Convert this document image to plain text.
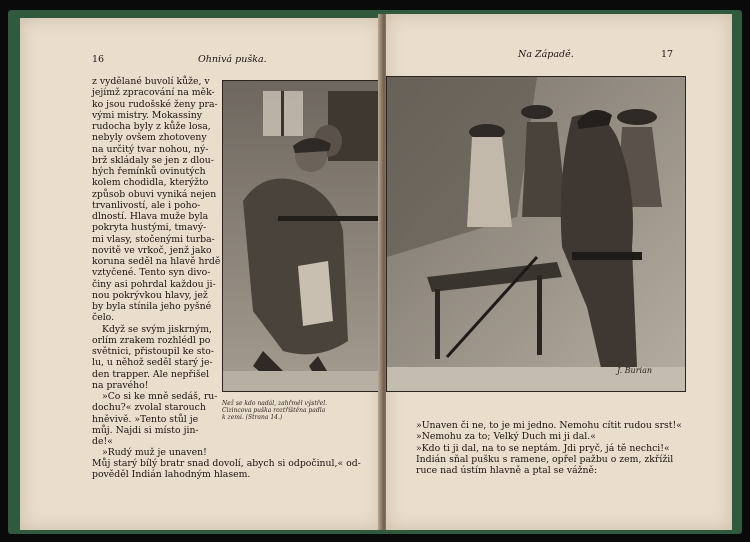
16	Ohnivá puška.
z vydělané buvolí kůže, v
jejímž zpracování na měk-
ko jsou rudošské ženy pra-
vými mistry. Mokassiny
rudocha byly z kůže losa,
nebyly ovšem zhotoveny
na určitý tvar nohou, ný-
brž skládaly se jen z dlou-
hých řemínků ovinutých
kolem chodidla, kterýžto
způsob obuvi vyniká nejen
trvanlivostí, ale i poho-
dlností. Hlava muže byla
pokryta hustými, tmavý-
mi vlasy, stočenými turba-
novitě ve vrkoč, jenž jako
koruna seděl na hlavě hrdě
vztyčené. Tento syn divo-
činy asi pohrdal každou ji-
nou pokrývkou hlavy, jež
by byla stínila jeho pyšné
čelo.
Když se svým jiskrným,
orlím zrakem rozhlédl po
světnici, přistoupil ke sto-
lu, u něhož seděl starý je-
den trapper. Ale nepřišel
na pravého!
»Co si ke mně sedáš, ru-
dochu?« zvolal starouch
hněvivě. »Tento stůl je
můj. Najdi si místo jin-
de!«
»Rudý muž je unaven!
Než se kdo nadál, zahřměl výstřel.
Cizincova puška roztříštěna padla
k zemi. (Strana 14.)
Můj starý bílý bratr snad dovolí, abych si odpočinul,« od-
pověděl Indián lahodným hlasem.
Na Západě.	17
J. Burian
»Unaven či ne, to je mi jedno. Nemohu cítit rudou srst!«
»Nemohu za to; Velký Duch mi ji dal.«
»Kdo ti ji dal, na to se neptám. Jdi pryč, já tě nechci!«
Indián sňal pušku s ramene, opřel pažbu o zem, zkřížil
ruce nad ústím hlavně a ptal se vážně:
